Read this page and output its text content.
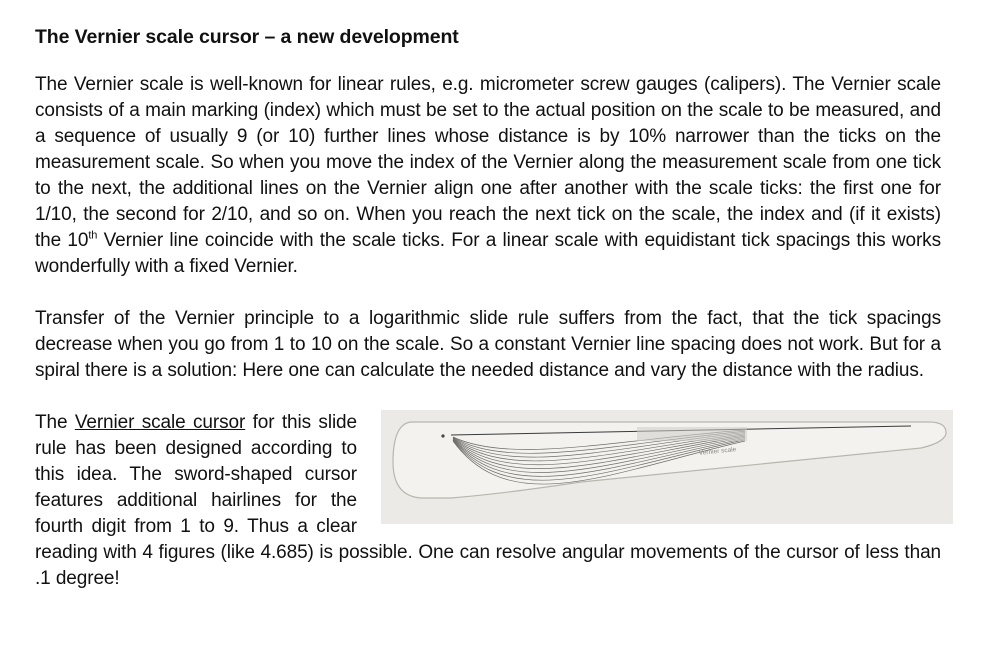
The Vernier scale cursor – a new development

The Vernier scale is well-known for linear rules, e.g. micrometer screw gauges (calipers). The Vernier scale consists of a main marking (index) which must be set to the actual position on the scale to be measured, and a sequence of usually 9 (or 10) further lines whose distance is by 10% narrower than the ticks on the measurement scale. So when you move the index of the Vernier along the measurement scale from one tick to the next, the additional lines on the Vernier align one after another with the scale ticks: the first one for 1/10, the second for 2/10, and so on. When you reach the next tick on the scale, the index and (if it exists) the 10th Vernier line coincide with the scale ticks. For a linear scale with equidistant tick spacings this works wonderfully with a fixed Vernier.

Transfer of the Vernier principle to a logarithmic slide rule suffers from the fact, that the tick spacings decrease when you go from 1 to 10 on the scale. So a constant Vernier line spacing does not work. But for a spiral there is a solution: Here one can calculate the needed distance and vary the distance with the radius.

Vernier scale

The Vernier scale cursor for this slide rule has been designed according to this idea. The sword-shaped cursor features additional hairlines for the fourth digit from 1 to 9. Thus a clear reading with 4 figures (like 4.685) is possible. One can resolve angular movements of the cursor of less than .1 degree!
